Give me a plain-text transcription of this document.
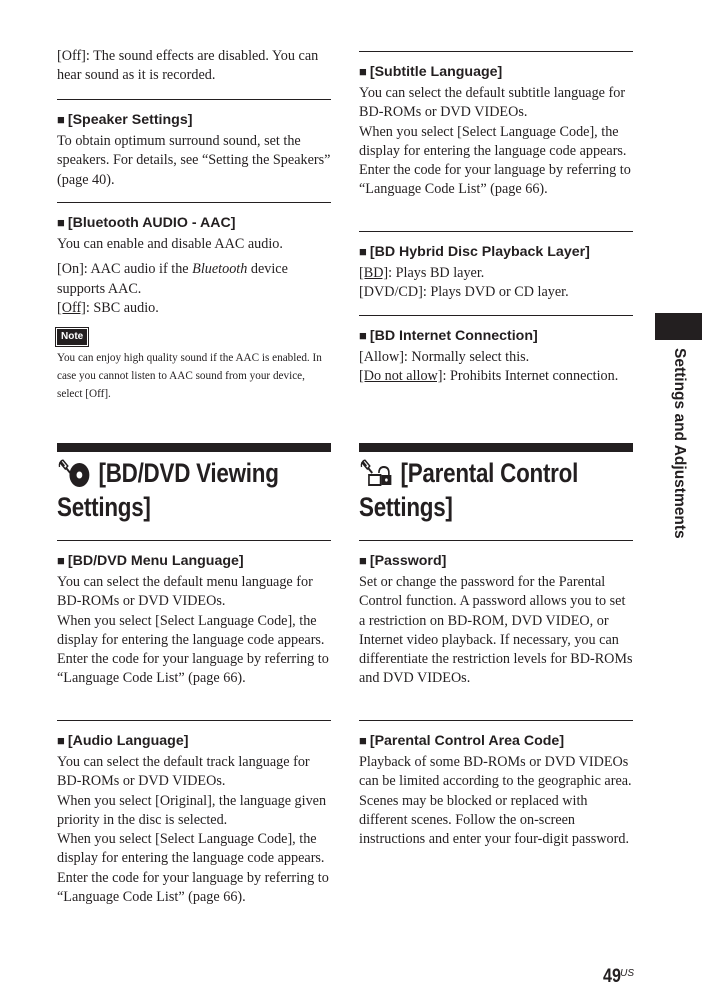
[Off]: The sound effects are disabled. You can hear sound as it is recorded.

■ [Speaker Settings]

To obtain optimum surround sound, set the speakers. For details, see “Setting the Speakers” (page 40).

■ [Bluetooth AUDIO - AAC]

You can enable and disable AAC audio.

[On]: AAC audio if the Bluetooth device supports AAC.

[Off]: SBC audio.

Note

You can enjoy high quality sound if the AAC is enabled. In case you cannot listen to AAC sound from your device, select [Off].

[BD/DVD Viewing
Settings]
■ [BD/DVD Menu Language]

You can select the default menu language for BD-ROMs or DVD VIDEOs.
When you select [Select Language Code], the display for entering the language code appears. Enter the code for your language by referring to “Language Code List” (page 66).

■ [Audio Language]

You can select the default track language for BD-ROMs or DVD VIDEOs.
When you select [Original], the language given priority in the disc is selected.
When you select [Select Language Code], the display for entering the language code appears. Enter the code for your language by referring to “Language Code List” (page 66).

■ [Subtitle Language]

You can select the default subtitle language for BD-ROMs or DVD VIDEOs.
When you select [Select Language Code], the display for entering the language code appears. Enter the code for your language by referring to “Language Code List” (page 66).

■ [BD Hybrid Disc Playback Layer]

[BD]: Plays BD layer.

[DVD/CD]: Plays DVD or CD layer.

■ [BD Internet Connection]

[Allow]: Normally select this.

[Do not allow]: Prohibits Internet connection.

[Parental Control
Settings]
■ [Password]

Set or change the password for the Parental Control function. A password allows you to set a restriction on BD-ROM, DVD VIDEO, or Internet video playback. If necessary, you can differentiate the restriction levels for BD-ROMs and DVD VIDEOs.

■ [Parental Control Area Code]

Playback of some BD-ROMs or DVD VIDEOs can be limited according to the geographic area. Scenes may be blocked or replaced with different scenes. Follow the on-screen instructions and enter your four-digit password.

Settings and Adjustments
$49^{US}$
